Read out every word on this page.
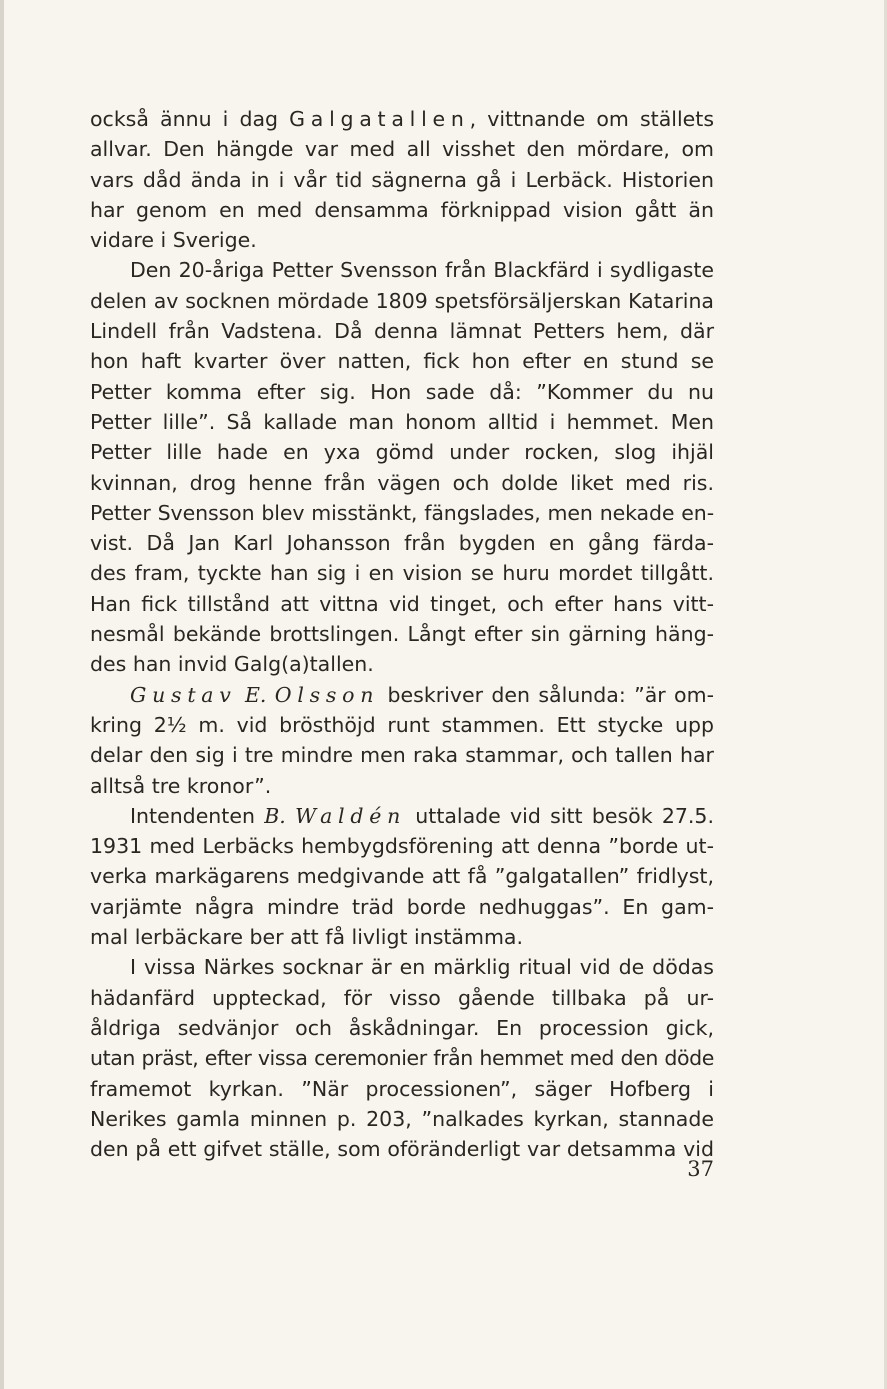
också ännu i dag Galgatallen, vittnande om ställets
allvar. Den hängde var med all visshet den mördare, om
vars dåd ända in i vår tid sägnerna gå i Lerbäck. Historien
har genom en med densamma förknippad vision gått än
vidare i Sverige.
Den 20-åriga Petter Svensson från Blackfärd i sydligaste
delen av socknen mördade 1809 spetsförsäljerskan Katarina
Lindell från Vadstena. Då denna lämnat Petters hem, där
hon haft kvarter över natten, fick hon efter en stund se
Petter komma efter sig. Hon sade då: ”Kommer du nu
Petter lille”. Så kallade man honom alltid i hemmet. Men
Petter lille hade en yxa gömd under rocken, slog ihjäl
kvinnan, drog henne från vägen och dolde liket med ris.
Petter Svensson blev misstänkt, fängslades, men nekade en-
vist. Då Jan Karl Johansson från bygden en gång färda-
des fram, tyckte han sig i en vision se huru mordet tillgått.
Han fick tillstånd att vittna vid tinget, och efter hans vitt-
nesmål bekände brottslingen. Långt efter sin gärning häng-
des han invid Galg(a)tallen.
Gustav E. Olsson beskriver den sålunda: ”är om-
kring 2½ m. vid brösthöjd runt stammen. Ett stycke upp
delar den sig i tre mindre men raka stammar, och tallen har
alltså tre kronor”.
Intendenten B. Waldén uttalade vid sitt besök 27.5.
1931 med Lerbäcks hembygdsförening att denna ”borde ut-
verka markägarens medgivande att få ”galgatallen” fridlyst,
varjämte några mindre träd borde nedhuggas”. En gam-
mal lerbäckare ber att få livligt instämma.
I vissa Närkes socknar är en märklig ritual vid de dödas
hädanfärd uppteckad, för visso gående tillbaka på ur-
åldriga sedvänjor och åskådningar. En procession gick,
utan präst, efter vissa ceremonier från hemmet med den döde
framemot kyrkan. ”När processionen”, säger Hofberg i
Nerikes gamla minnen p. 203, ”nalkades kyrkan, stannade
den på ett gifvet ställe, som oföränderligt var detsamma vid
37
